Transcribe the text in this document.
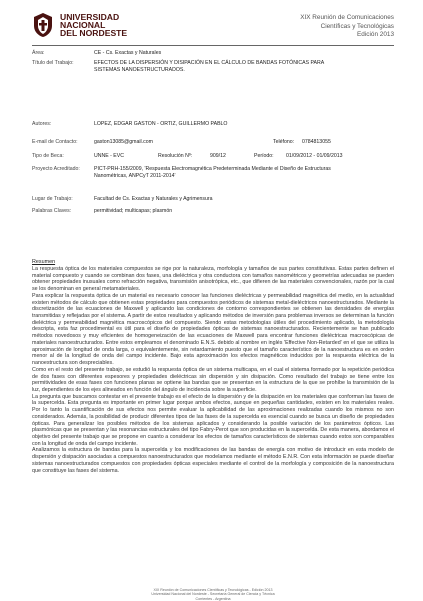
UNIVERSIDAD
NACIONAL
DEL NORDESTE
XIX Reunión de Comunicaciones
Científicas y Tecnológicas
Edición 2013
Área:	CE - Cs. Exactas y Naturales
Título del Trabajo:	EFECTOS DE LA DISPERSIÓN Y DISIPACIÓN EN EL CÁLCULO DE BANDAS FOTÓNICAS PARA SISTEMAS NANOESTRUCTURADOS.
Autores:	LOPEZ, EDGAR GASTON - ORTIZ, GUILLERMO PABLO
E-mail de Contacto:	gaston13085@gmail.com	Teléfono: 0784813055
Tipo de Beca:	UNNE - EVC	Resolución Nº:	909/12	Período: 01/09/2012 - 01/09/2013
Proyecto Acreditado:	PICT-PRH-155/2009, 'Respuesta Electromagnética Predeterminada Mediante el Diseño de Estructuras Nanométricas, ANPCyT 2011-2014'
Lugar de Trabajo:	Facultad de Cs. Exactas y Naturales y Agrimensura
Palabras Claves:	permitividad; multicapas; plasmón
Resumen

La respuesta óptica de los materiales compuestos se rige por la naturaleza, morfología y tamaños de sus partes constitutivas. Estas partes definen el material compuesto y cuando se combinan dos fases, una dieléctrica y otra conductora con tamaños nanométricos y geometrías adecuadas se pueden obtener propiedades inusuales como refracción negativa, transmisión anisotrópica, etc., que difieren de las materiales convencionales, razón por la cual se los denominan en general metamateriales.

Para explicar la respuesta óptica de un material es necesario conocer las funciones dieléctricas y permeabilidad magnética del medio, en la actualidad existen métodos de cálculo que obtienen estas propiedades para compuestos periódicos de sistemas metal-dieléctricos nanoestructurados. Mediante la discretización de las ecuaciones de Maxwell y aplicando las condiciones de contorno correspondientes se obtienen las densidades de energías transmitidas y reflejadas por el sistema. A partir de estos resultados y aplicando métodos de inversión para problemas inversos se determinan la función dieléctrica y permeabilidad magnética macroscópicos del compuesto. Siendo estas metodologías útiles del procedimiento aplicado, la metodología descripta, esta faz procedimental es útil para el diseño de propiedades ópticas de sistemas nanoestructurados. Recientemente se han publicado métodos novedosos y muy eficientes de homogeneización de las ecuaciones de Maxwell para encontrar funciones dieléctricas macroscópicas de materiales nanoestructurados. Entre estos empleamos el denominado E.N.S. debido al nombre en inglés 'Effective Non-Retarded' en el que se utiliza la aproximación de longitud de onda larga, o equivalentemente, sin retardamiento puesto que el tamaño característico de la nanoestructura es en orden menor al de la longitud de onda del campo incidente. Bajo esta aproximación los efectos magnéticos inducidos por la respuesta eléctrica de la nanoestructura son despreciables.

Como en el resto del presente trabajo, se estudió la respuesta óptica de un sistema multicapa, en el cual el sistema formado por la repetición periódica de dos fases con diferentes espesores y propiedades dieléctricas sin dispersión y sin disipación. Como resultado del trabajo se tiene entre los permitividades de esas fases con funciones planas se optiene las bandas que se presentan en la estructura de la que se prohíbe la transmisión de la luz, dependientes de los ejes alineados en función del ángulo de incidencia sobre la superficie.

La pregunta que buscamos contestar en el presente trabajo es el efecto de la dispersión y de la disipación en los materiales que conforman las fases de la supercelda. Esta pregunta es importante en primer lugar porque ambos efectos, aunque en pequeñas cantidades, existen en los materiales reales. Por lo tanto la cuantificación de sus efectos nos permite evaluar la aplicabilidad de las aproximaciones realizadas cuando los mismos no son considerados. Además, la posibilidad de producir diferentes tipos de las fases de la supercelda es esencial cuando se busca un diseño de propiedades ópticas. Para generalizar los posibles métodos de los sistemas aplicados y considerando la posible variación de los parámetros ópticos. Las plasmónicas que se presentan y las resonancias estructurales del tipo Fabry-Perot que son producidas en la supercelda. De esta manera, abordamos el objetivo del presente trabajo que se propone en cuanto a considerar los efectos de tamaños característicos de sistemas cuando estos son comparables con la longitud de onda del campo incidente.

Analizamos la estructura de bandas para la supercelda y los modificaciones de las bandas de energía con motivo de introducir en esta modelo de dispersión y disipación asociadas a compuestos nanoestructurados que modelamos mediante el método E.N.R. Con esta información se puede diseñar sistemas nanoestructurados compuestos con propiedades ópticas especiales mediante el control de la morfología y composición de la nanoestructura que constituye las fases del sistema.

XIX Reunión de Comunicaciones Científicas y Tecnológicas - Edición 2013
Universidad Nacional del Nordeste - Secretaría General de Ciencia y Técnica
Corrientes - Argentina
